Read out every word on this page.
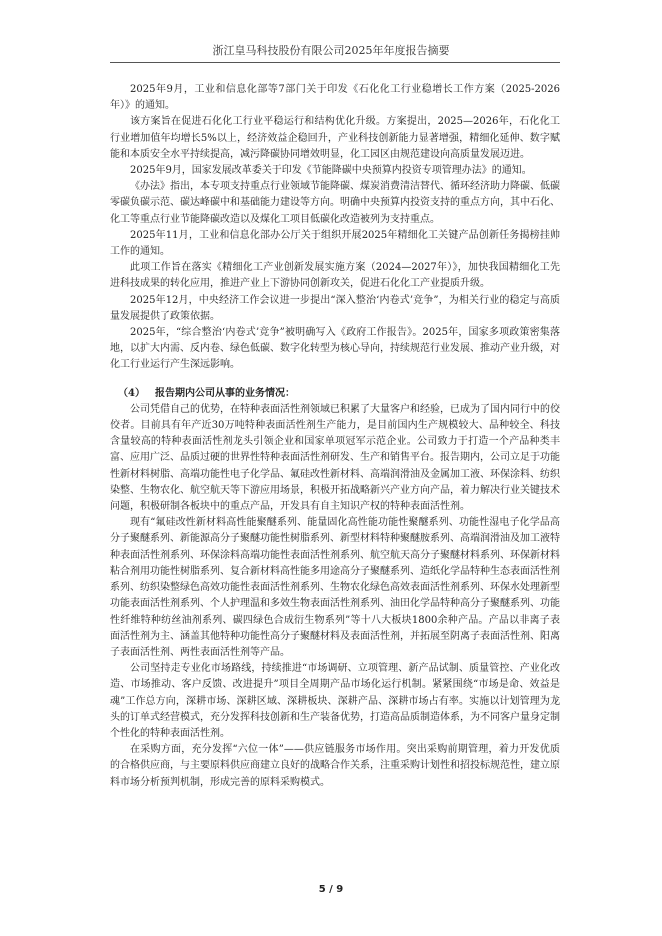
浙江皇马科技股份有限公司2025年年度报告摘要

2025年9月，工业和信息化部等7部门关于印发《石化化工行业稳增长工作方案（2025-2026年）》的通知。

该方案旨在促进石化化工行业平稳运行和结构优化升级。方案提出，2025—2026年，石化化工行业增加值年均增长5%以上，经济效益企稳回升，产业科技创新能力显著增强，精细化延伸、数字赋能和本质安全水平持续提高，减污降碳协同增效明显，化工园区由规范建设向高质量发展迈进。

2025年9月，国家发展改革委关于印发《节能降碳中央预算内投资专项管理办法》的通知。

《办法》指出，本专项支持重点行业领域节能降碳、煤炭消费清洁替代、循环经济助力降碳、低碳零碳负碳示范、碳达峰碳中和基础能力建设等方向。明确中央预算内投资支持的重点方向，其中石化、化工等重点行业节能降碳改造以及煤化工项目低碳化改造被列为支持重点。

2025年11月，工业和信息化部办公厅关于组织开展2025年精细化工关键产品创新任务揭榜挂帅工作的通知。

此项工作旨在落实《精细化工产业创新发展实施方案（2024—2027年）》，加快我国精细化工先进科技成果的转化应用，推进产业上下游协同创新攻关，促进石化化工产业提质升级。

2025年12月，中央经济工作会议进一步提出“深入整治‘内卷式’竞争”，为相关行业的稳定与高质量发展提供了政策依据。

2025年，“综合整治‘内卷式’竞争”被明确写入《政府工作报告》。2025年，国家多项政策密集落地，以扩大内需、反内卷、绿色低碳、数字化转型为核心导向，持续规范行业发展、推动产业升级，对化工行业运行产生深远影响。

（4） 报告期内公司从事的业务情况：

公司凭借自己的优势，在特种表面活性剂领域已积累了大量客户和经验，已成为了国内同行中的佼佼者。目前具有年产近30万吨特种表面活性剂生产能力，是目前国内生产规模较大、品种较全、科技含量较高的特种表面活性剂龙头引领企业和国家单项冠军示范企业。公司致力于打造一个产品种类丰富、应用广泛、品质过硬的世界性特种表面活性剂研发、生产和销售平台。报告期内，公司立足于功能性新材料树脂、高端功能性电子化学品、氟硅改性新材料、高端润滑油及金属加工液、环保涂料、纺织染整、生物农化、航空航天等下游应用场景，积极开拓战略新兴产业方向产品，着力解决行业关键技术问题，积极研制各板块中的重点产品，开发具有自主知识产权的特种表面活性剂。

现有“氟硅改性新材料高性能聚醚系列、能量固化高性能功能性聚醚系列、功能性湿电子化学品高分子聚醚系列、新能源高分子聚醚功能性树脂系列、新型材料特种聚醚胺系列、高端润滑油及加工液特种表面活性剂系列、环保涂料高端功能性表面活性剂系列、航空航天高分子聚醚材料系列、环保新材料粘合剂用功能性树脂系列、复合新材料高性能多用途高分子聚醚系列、造纸化学品特种生态表面活性剂系列、纺织染整绿色高效功能性表面活性剂系列、生物农化绿色高效表面活性剂系列、环保水处理新型功能表面活性剂系列、个人护理温和多效生物表面活性剂系列、油田化学品特种高分子聚醚系列、功能性纤维特种纺丝油剂系列、碳四绿色合成衍生物系列”等十八大板块1800余种产品。产品以非离子表面活性剂为主、涵盖其他特种功能性高分子聚醚材料及表面活性剂，并拓展至阴离子表面活性剂、阳离子表面活性剂、两性表面活性剂等产品。

公司坚持走专业化市场路线，持续推进“市场调研、立项管理、新产品试制、质量管控、产业化改造、市场推动、客户反馈、改进提升”项目全周期产品市场化运行机制。紧紧围绕“市场是命、效益是魂”工作总方向，深耕市场、深耕区域、深耕板块、深耕产品、深耕市场占有率。实施以计划管理为龙头的订单式经营模式，充分发挥科技创新和生产装备优势，打造高品质制造体系，为不同客户量身定制个性化的特种表面活性剂。

在采购方面，充分发挥“六位一体”——供应链服务市场作用。突出采购前期管理，着力开发优质的合格供应商，与主要原料供应商建立良好的战略合作关系，注重采购计划性和招投标规范性，建立原料市场分析预判机制，形成完善的原料采购模式。

5 / 9
